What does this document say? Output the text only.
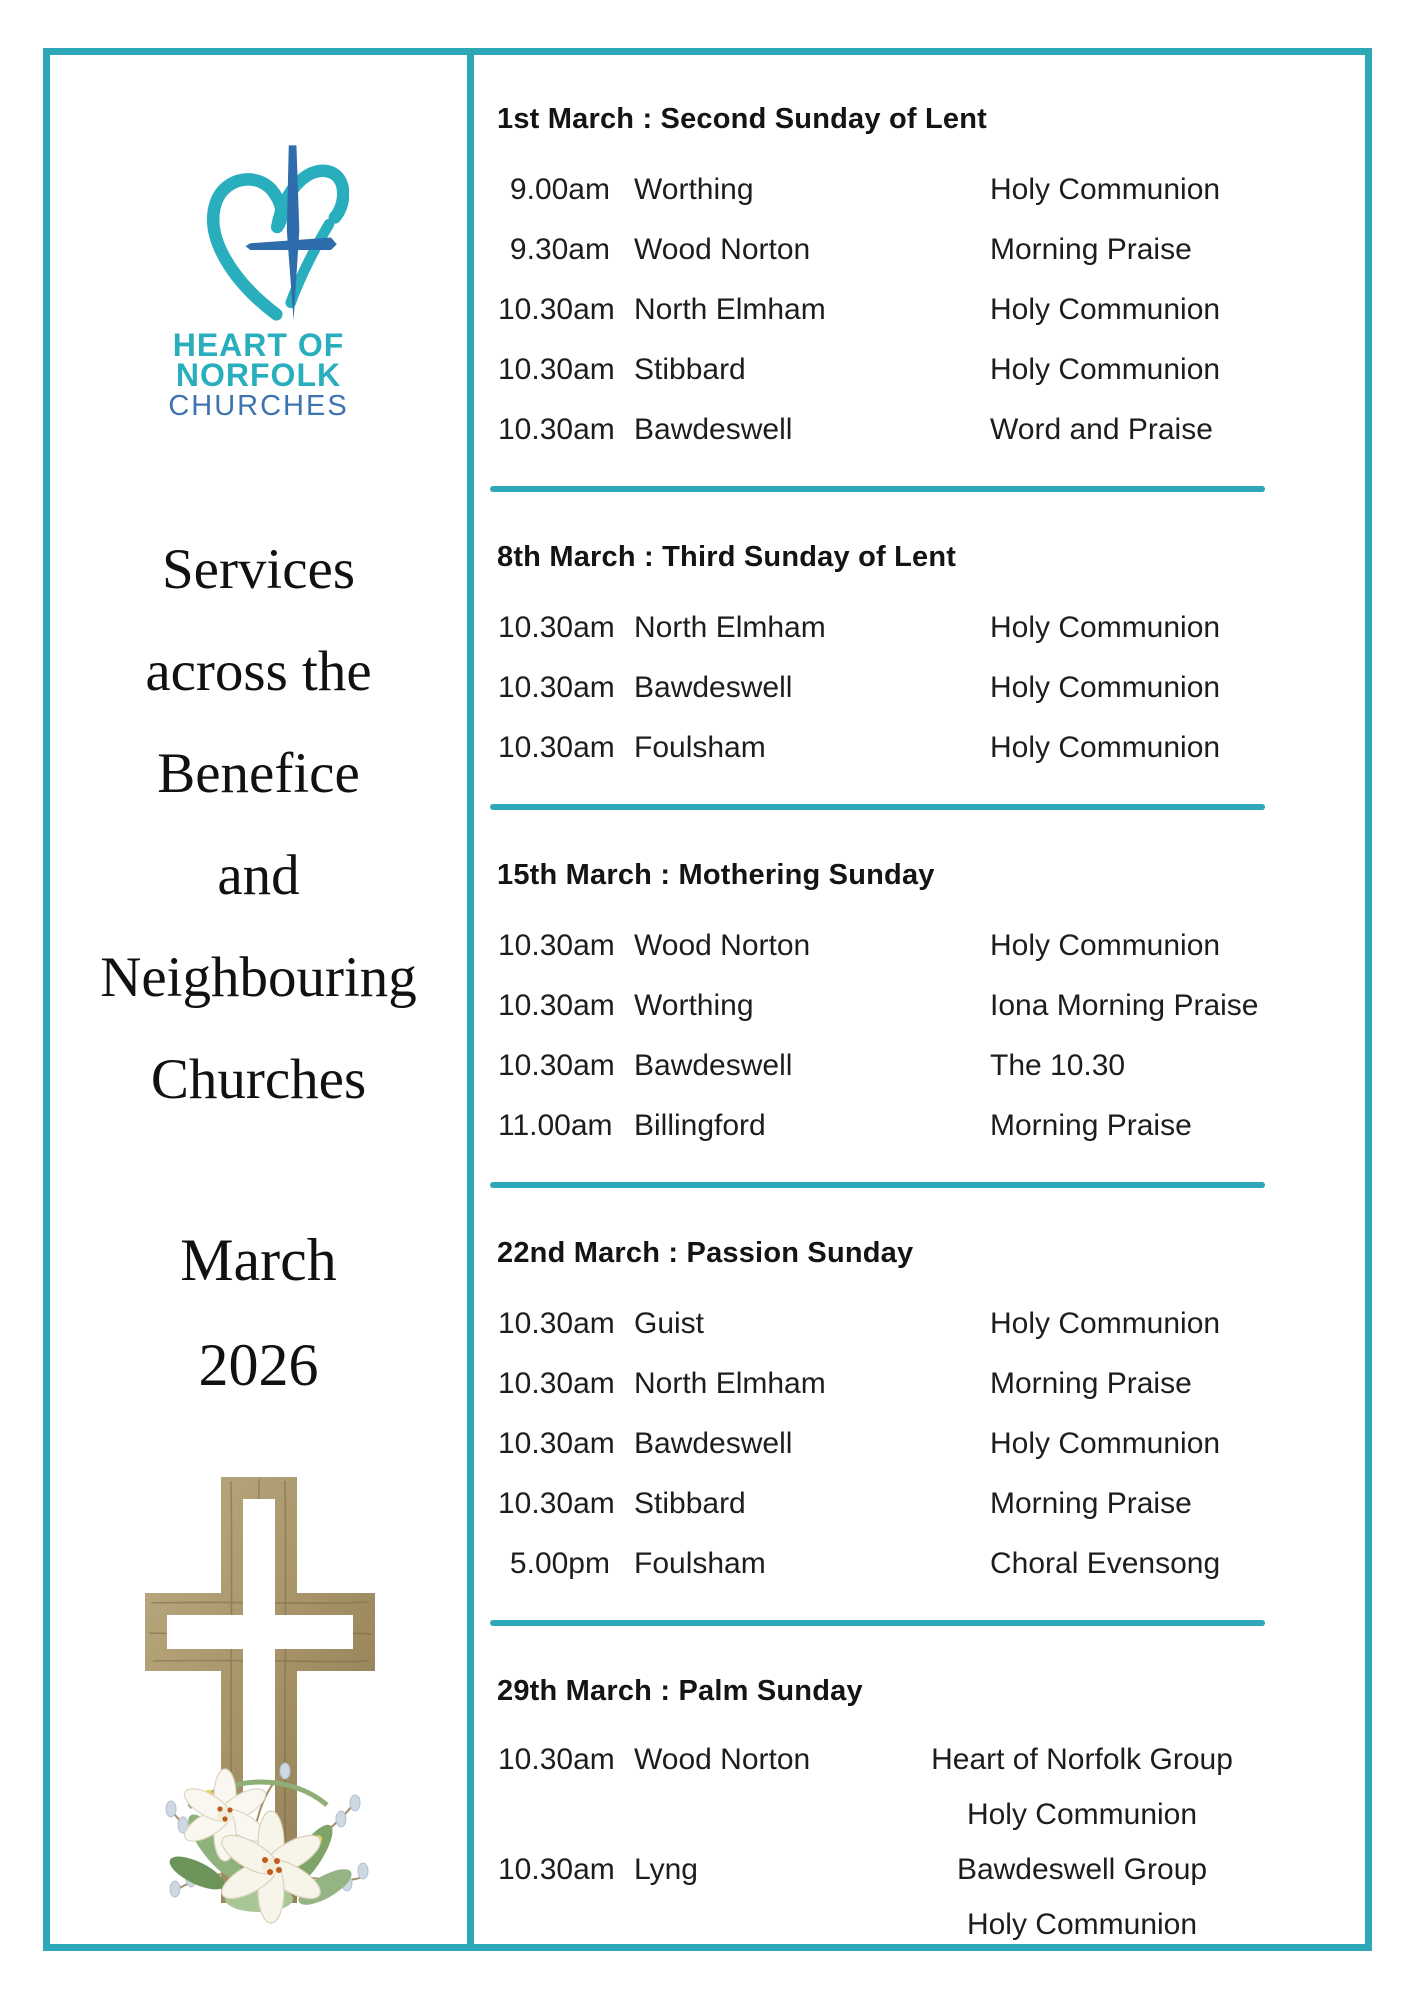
HEART OF
NORFOLK
CHURCHES
Services
across the
Benefice
and
Neighbouring
Churches
March
2026
1st March : Second Sunday of Lent
9.00am Worthing	Holy Communion
9.30am Wood Norton	Morning Praise
10.30am North Elmham	Holy Communion
10.30am Stibbard	Holy Communion
10.30am Bawdeswell	Word and Praise
8th March : Third Sunday of Lent
10.30am North Elmham	Holy Communion
10.30am Bawdeswell	Holy Communion
10.30am Foulsham	Holy Communion
15th March : Mothering Sunday
10.30am Wood Norton	Holy Communion
10.30am Worthing	Iona Morning Praise
10.30am Bawdeswell	The 10.30
11.00am Billingford	Morning Praise
22nd March : Passion Sunday
10.30am Guist	Holy Communion
10.30am North Elmham	Morning Praise
10.30am Bawdeswell	Holy Communion
10.30am Stibbard	Morning Praise
5.00pm Foulsham	Choral Evensong
29th March : Palm Sunday
10.30am Wood Norton	Heart of Norfolk Group
Holy Communion
10.30am Lyng	Bawdeswell Group
Holy Communion
